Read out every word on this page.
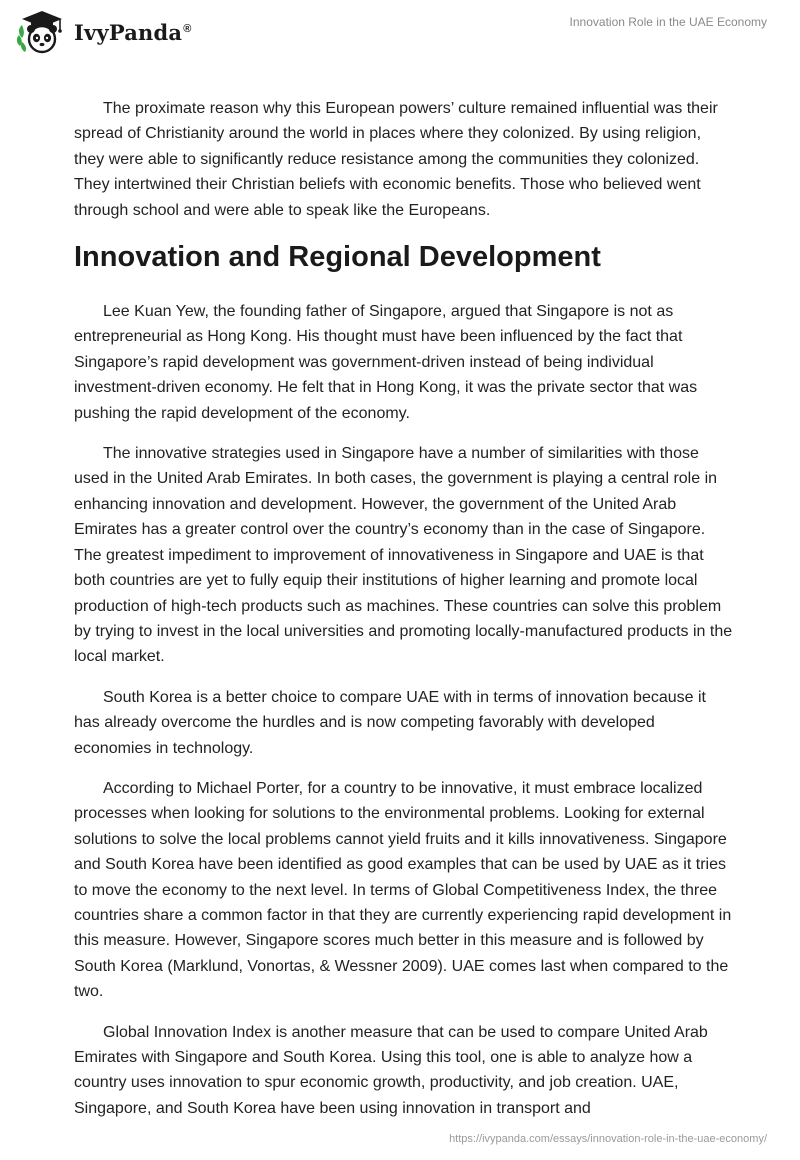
IvyPanda®	Innovation Role in the UAE Economy

The proximate reason why this European powers’ culture remained influential was their spread of Christianity around the world in places where they colonized. By using religion, they were able to significantly reduce resistance among the communities they colonized. They intertwined their Christian beliefs with economic benefits. Those who believed went through school and were able to speak like the Europeans.

Innovation and Regional Development

Lee Kuan Yew, the founding father of Singapore, argued that Singapore is not as entrepreneurial as Hong Kong. His thought must have been influenced by the fact that Singapore’s rapid development was government-driven instead of being individual investment-driven economy. He felt that in Hong Kong, it was the private sector that was pushing the rapid development of the economy.

The innovative strategies used in Singapore have a number of similarities with those used in the United Arab Emirates. In both cases, the government is playing a central role in enhancing innovation and development. However, the government of the United Arab Emirates has a greater control over the country’s economy than in the case of Singapore. The greatest impediment to improvement of innovativeness in Singapore and UAE is that both countries are yet to fully equip their institutions of higher learning and promote local production of high-tech products such as machines. These countries can solve this problem by trying to invest in the local universities and promoting locally-manufactured products in the local market.

South Korea is a better choice to compare UAE with in terms of innovation because it has already overcome the hurdles and is now competing favorably with developed economies in technology.

According to Michael Porter, for a country to be innovative, it must embrace localized processes when looking for solutions to the environmental problems. Looking for external solutions to solve the local problems cannot yield fruits and it kills innovativeness. Singapore and South Korea have been identified as good examples that can be used by UAE as it tries to move the economy to the next level. In terms of Global Competitiveness Index, the three countries share a common factor in that they are currently experiencing rapid development in this measure. However, Singapore scores much better in this measure and is followed by South Korea (Marklund, Vonortas, & Wessner 2009). UAE comes last when compared to the two.

Global Innovation Index is another measure that can be used to compare United Arab Emirates with Singapore and South Korea. Using this tool, one is able to analyze how a country uses innovation to spur economic growth, productivity, and job creation. UAE, Singapore, and South Korea have been using innovation in transport and

https://ivypanda.com/essays/innovation-role-in-the-uae-economy/
